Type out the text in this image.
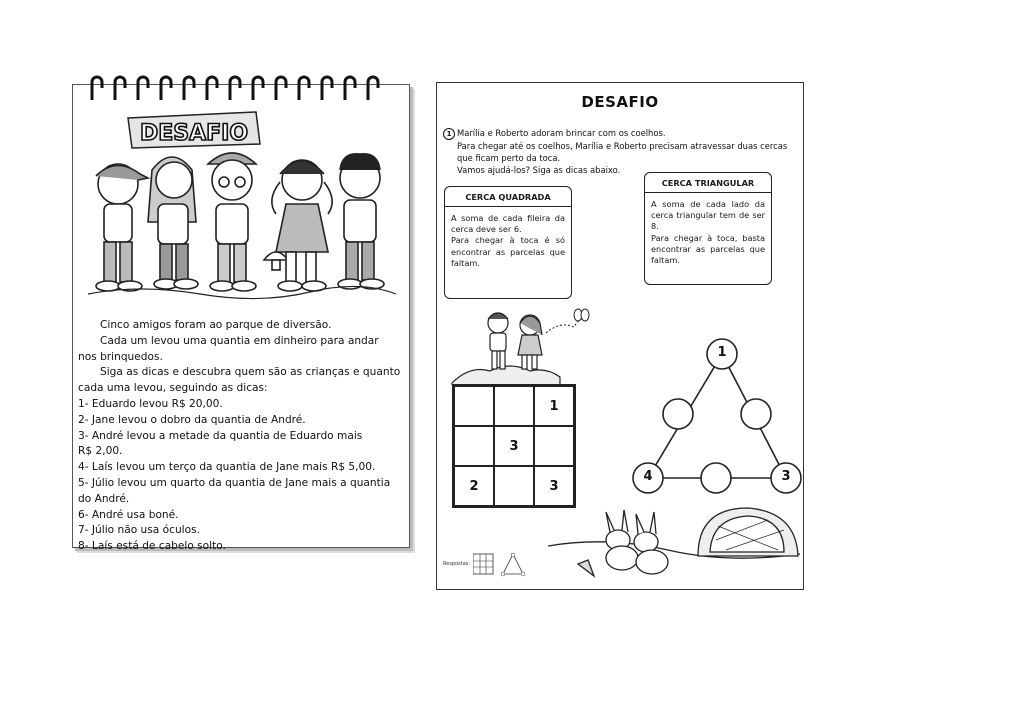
DESAFIO

Cinco amigos foram ao parque de diversão.

Cada um levou uma quantia em dinheiro para andar

nos brinquedos.

Siga as dicas e descubra quem são as crianças e quanto

cada uma levou, seguindo as dicas:

1- Eduardo levou R$ 20,00.

2- Jane levou o dobro da quantia de André.

3- André levou a metade da quantia de Eduardo mais

R$ 2,00.

4- Laís levou um terço da quantia de Jane mais R$ 5,00.

5- Júlio levou um quarto da quantia de Jane mais a quantia

do André.

6- André usa boné.

7- Júlio não usa óculos.

8- Laís está de cabelo solto.

DESAFIO

1 Marília e Roberto adoram brincar com os coelhos.

Para chegar até os coelhos, Marília e Roberto precisam atravessar duas cercas

que ficam perto da toca.

Vamos ajudá-los? Siga as dicas abaixo.

CERCA QUADRADA

A soma de cada fileira da cerca deve ser 6.

Para chegar à toca é só encontrar as parcelas que faltam.

CERCA TRIANGULAR

A soma de cada lado da cerca triangular tem de ser 8.

Para chegar à toca, basta encontrar as parcelas que faltam.

1
3
2	3
1
4	3
Respostas:
